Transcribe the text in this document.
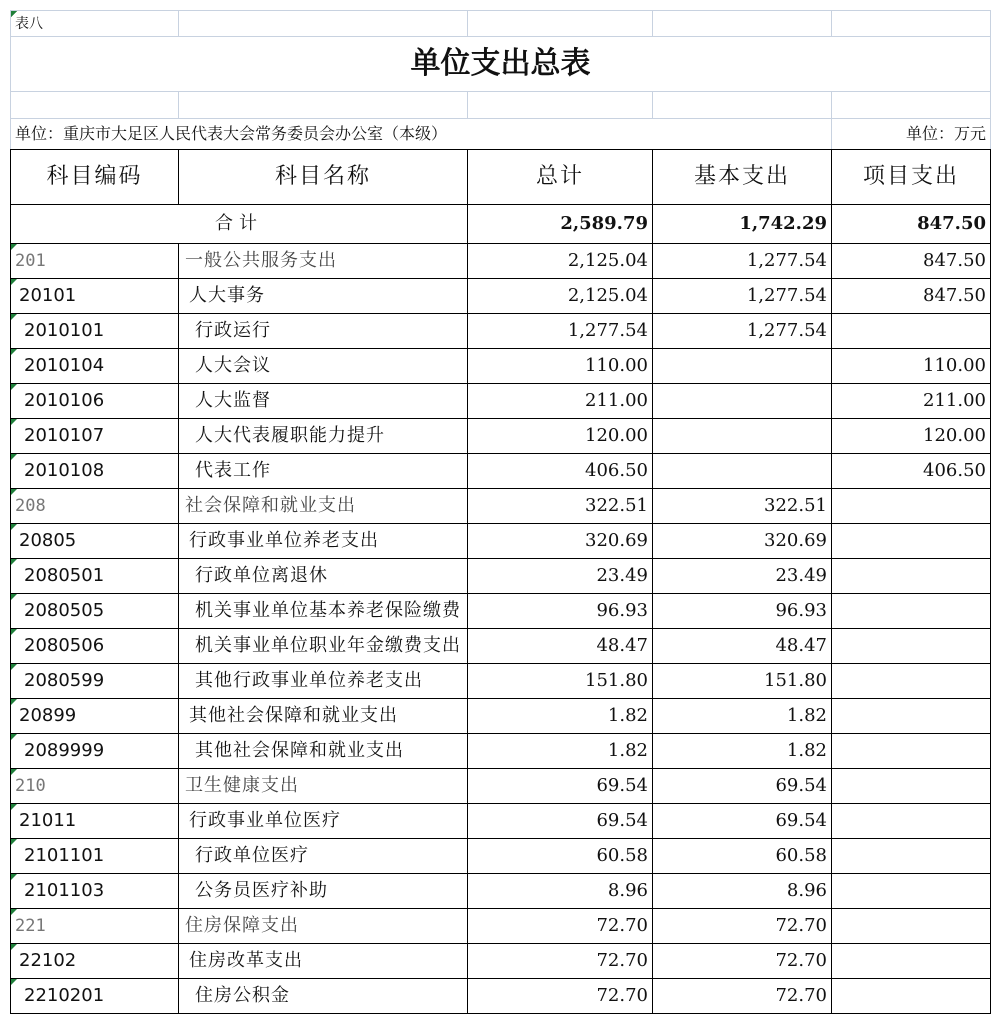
表八				
单位支出总表				

单位：重庆市大足区人民代表大会常务委员会办公室（本级）				单位：万元
科目编码	科目名称	总计	基本支出	项目支出
合计		2,589.79	1,742.29	847.50

201	一般公共服务支出	2,125.04	1,277.54	847.50

20101	人大事务	2,125.04	1,277.54	847.50

2010101	行政运行	1,277.54	1,277.54	

2010104	人大会议	110.00		110.00

2010106	人大监督	211.00		211.00

2010107	人大代表履职能力提升	120.00		120.00

2010108	代表工作	406.50		406.50

208	社会保障和就业支出	322.51	322.51	

20805	行政事业单位养老支出	320.69	320.69	

2080501	行政单位离退休	23.49	23.49	

2080505	机关事业单位基本养老保险缴费	96.93	96.93	

2080506	机关事业单位职业年金缴费支出	48.47	48.47	

2080599	其他行政事业单位养老支出	151.80	151.80	

20899	其他社会保障和就业支出	1.82	1.82	

2089999	其他社会保障和就业支出	1.82	1.82	

210	卫生健康支出	69.54	69.54	

21011	行政事业单位医疗	69.54	69.54	

2101101	行政单位医疗	60.58	60.58	

2101103	公务员医疗补助	8.96	8.96	

221	住房保障支出	72.70	72.70	

22102	住房改革支出	72.70	72.70	

2210201	住房公积金	72.70	72.70	
